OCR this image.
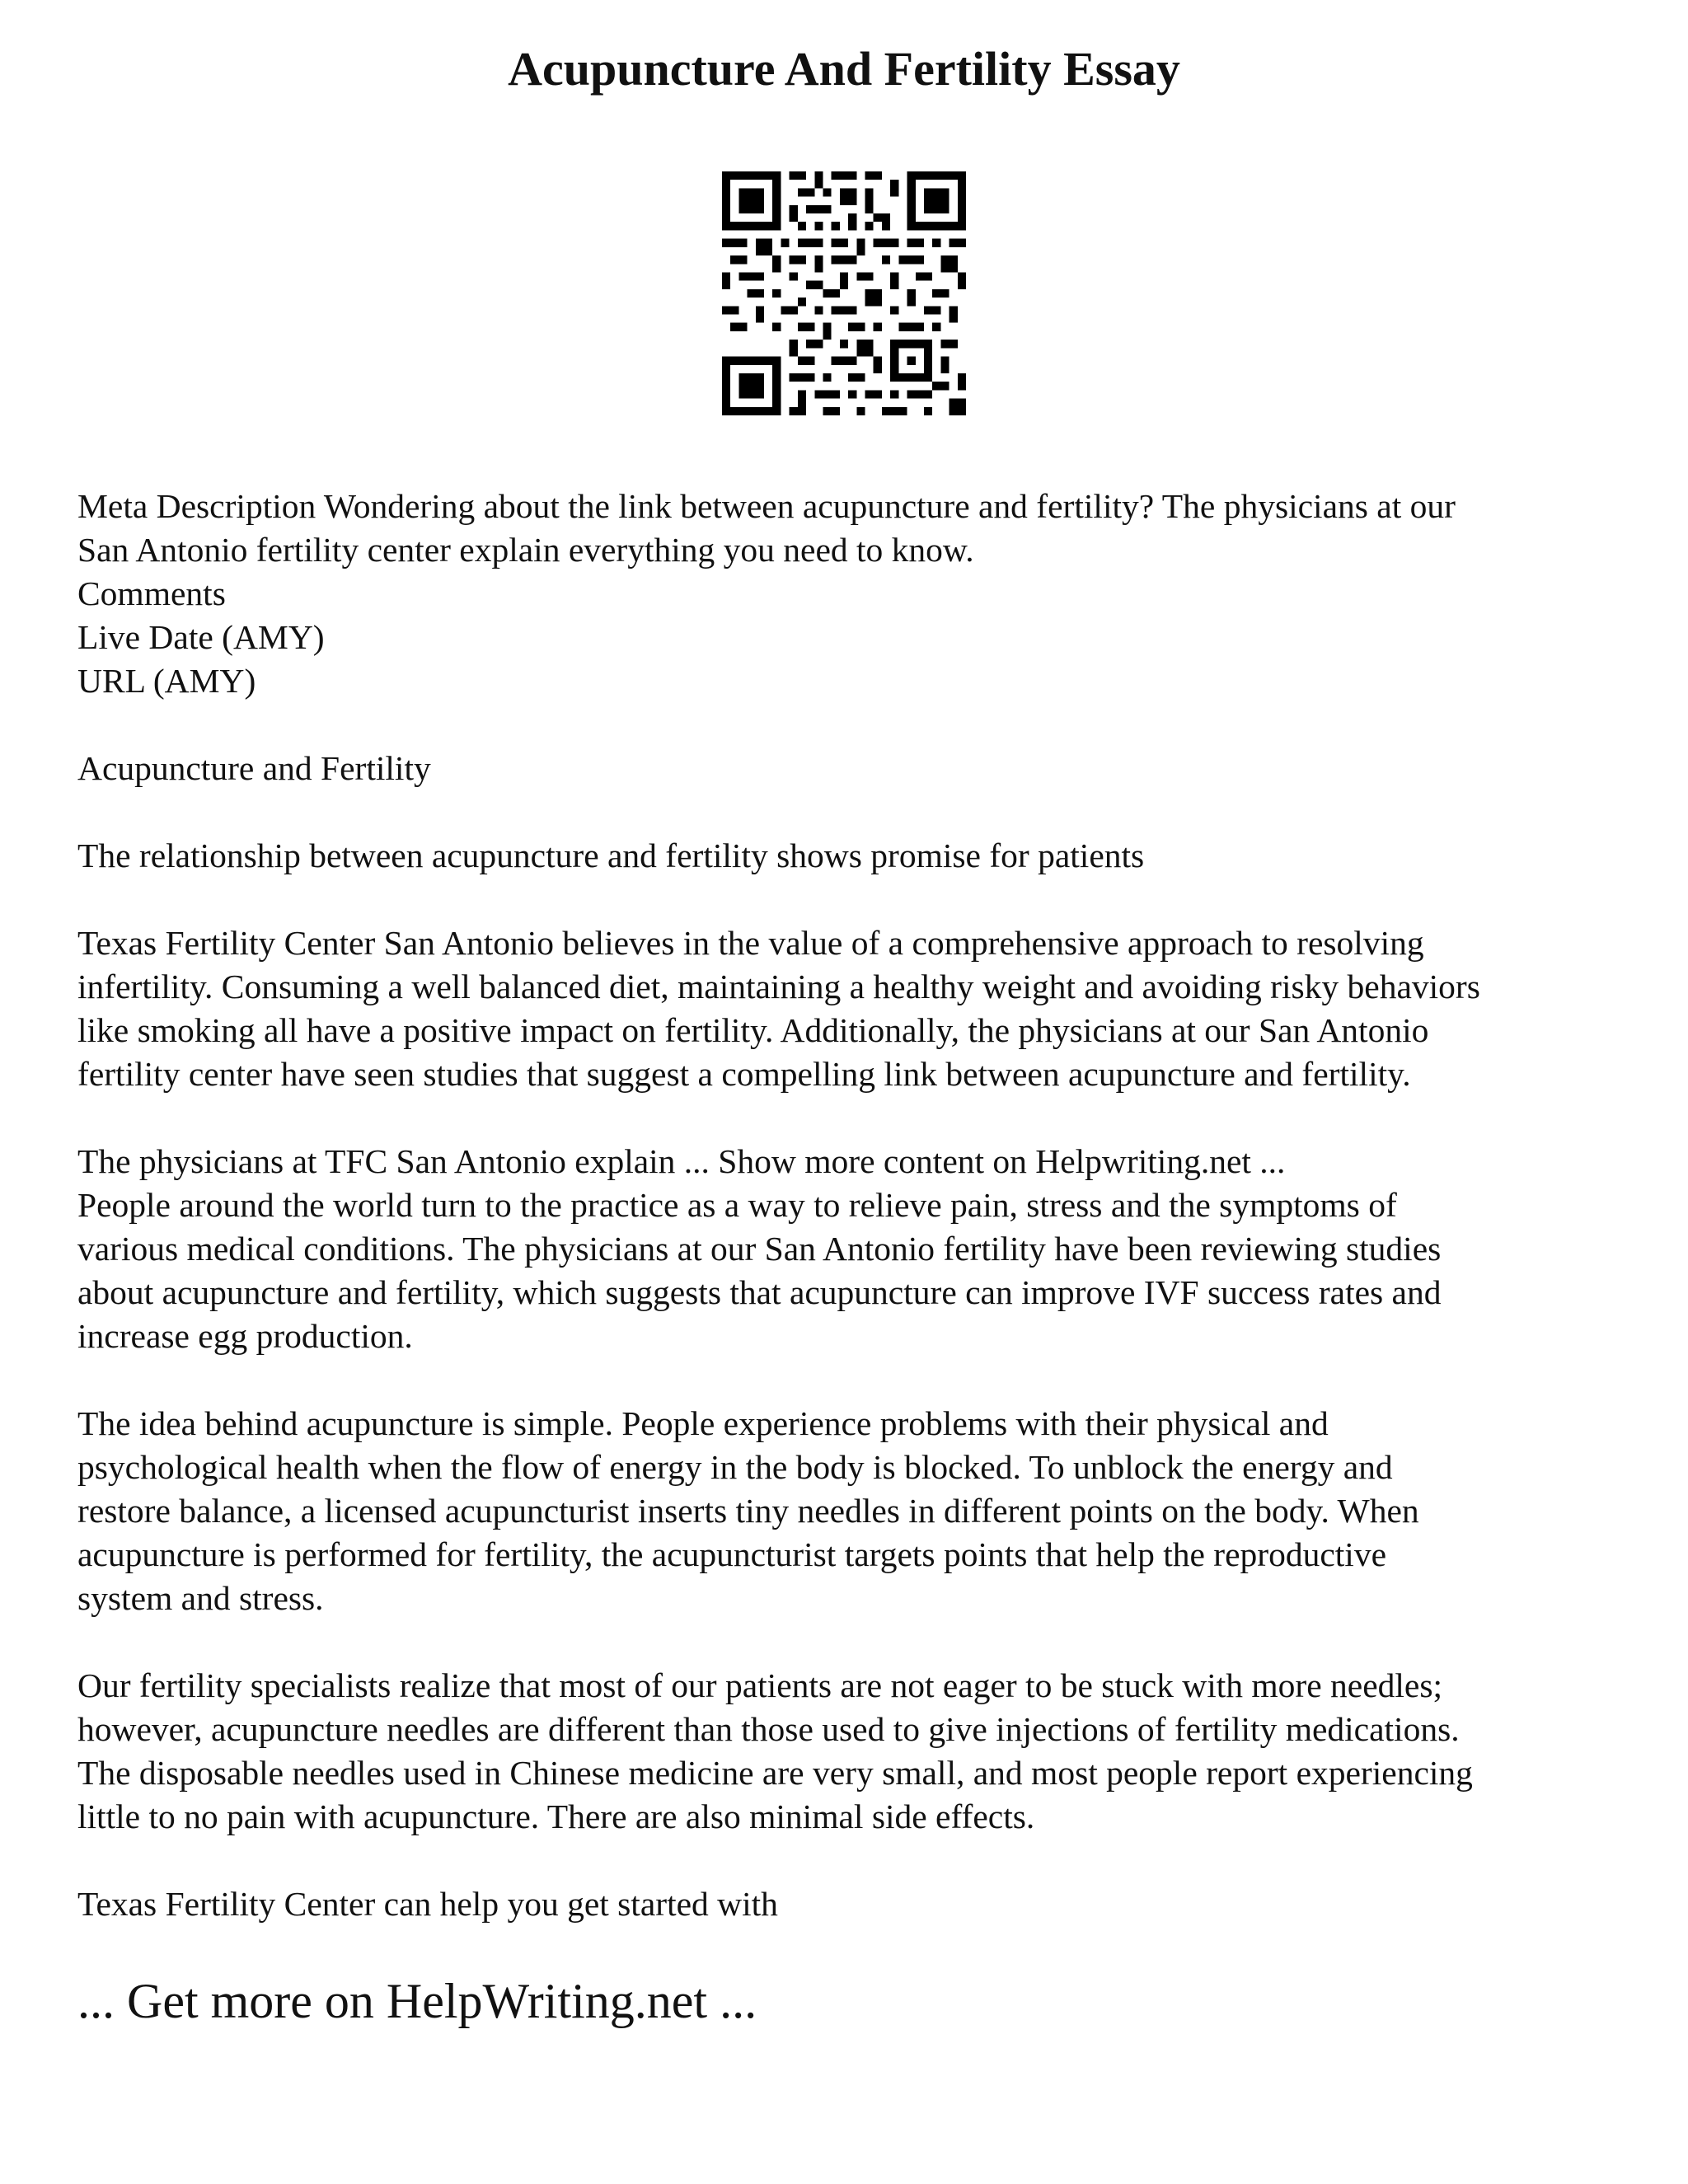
Acupuncture And Fertility Essay
Meta Description Wondering about the link between acupuncture and fertility? The physicians at our
San Antonio fertility center explain everything you need to know.
Comments
Live Date (AMY)
URL (AMY)
Acupuncture and Fertility
The relationship between acupuncture and fertility shows promise for patients
Texas Fertility Center San Antonio believes in the value of a comprehensive approach to resolving
infertility. Consuming a well balanced diet, maintaining a healthy weight and avoiding risky behaviors
like smoking all have a positive impact on fertility. Additionally, the physicians at our San Antonio
fertility center have seen studies that suggest a compelling link between acupuncture and fertility.
The physicians at TFC San Antonio explain ... Show more content on Helpwriting.net ...
People around the world turn to the practice as a way to relieve pain, stress and the symptoms of
various medical conditions. The physicians at our San Antonio fertility have been reviewing studies
about acupuncture and fertility, which suggests that acupuncture can improve IVF success rates and
increase egg production.
The idea behind acupuncture is simple. People experience problems with their physical and
psychological health when the flow of energy in the body is blocked. To unblock the energy and
restore balance, a licensed acupuncturist inserts tiny needles in different points on the body. When
acupuncture is performed for fertility, the acupuncturist targets points that help the reproductive
system and stress.
Our fertility specialists realize that most of our patients are not eager to be stuck with more needles;
however, acupuncture needles are different than those used to give injections of fertility medications.
The disposable needles used in Chinese medicine are very small, and most people report experiencing
little to no pain with acupuncture. There are also minimal side effects.
Texas Fertility Center can help you get started with
... Get more on HelpWriting.net ...
